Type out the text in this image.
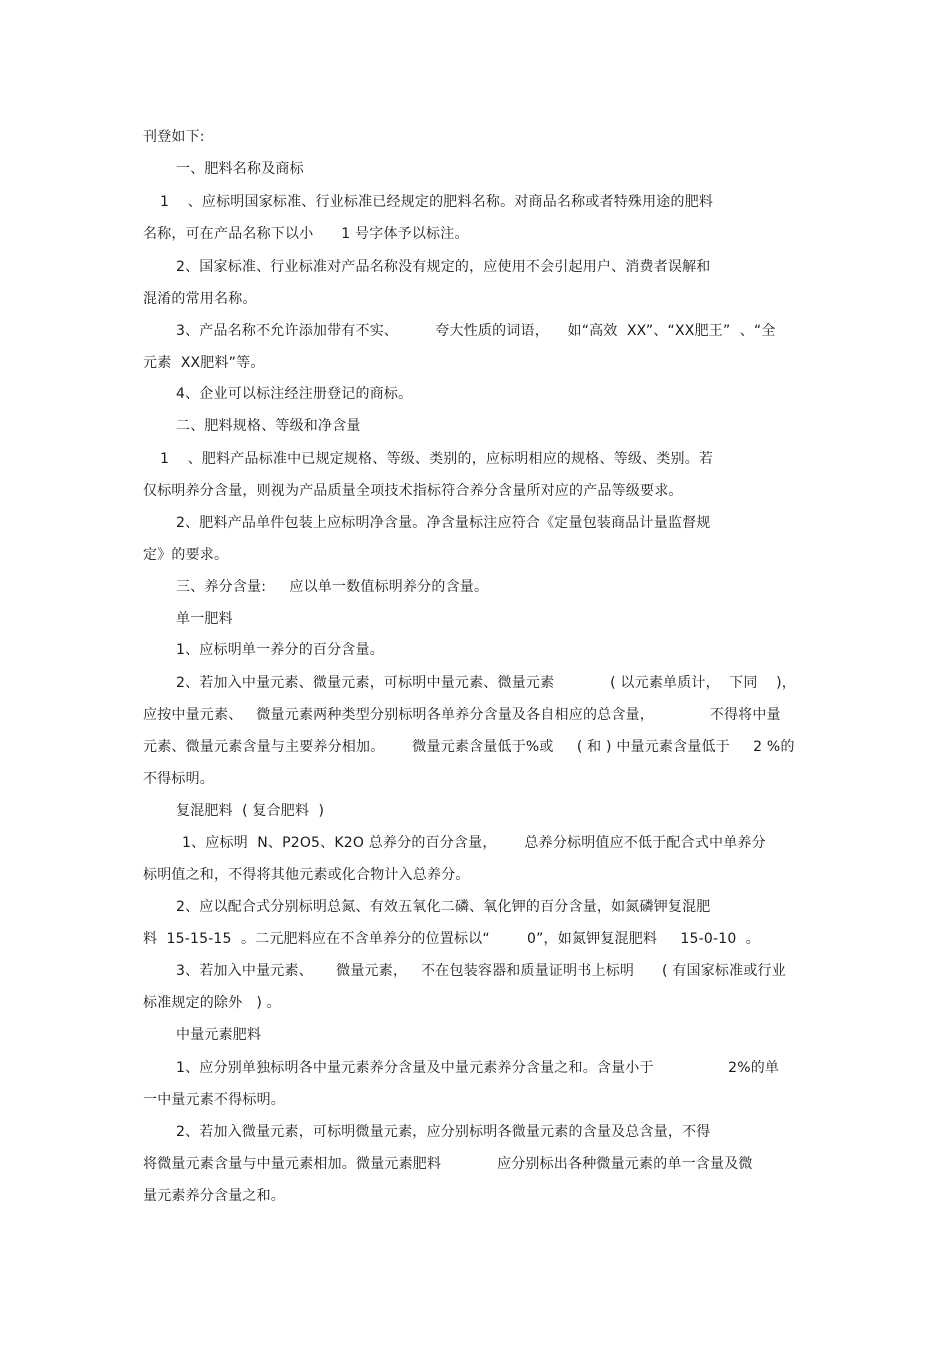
刊登如下:
一、肥料名称及商标
1    、应标明国家标准、行业标准已经规定的肥料名称。对商品名称或者特殊用途的肥料
名称，可在产品名称下以小      1 号字体予以标注。
2、国家标准、行业标准对产品名称没有规定的，应使用不会引起用户、消费者误解和
混淆的常用名称。
3、产品名称不允许添加带有不实、        夸大性质的词语，    如“高效  XX”、“XX肥王”  、“全
元素  XX肥料”等。
4、企业可以标注经注册登记的商标。
二、肥料规格、等级和净含量
1    、肥料产品标准中已规定规格、等级、类别的，应标明相应的规格、等级、类别。若
仅标明养分含量，则视为产品质量全项技术指标符合养分含量所对应的产品等级要求。
2、肥料产品单件包装上应标明净含量。净含量标注应符合《定量包装商品计量监督规
定》的要求。
三、养分含量:     应以单一数值标明养分的含量。
单一肥料
1、应标明单一养分的百分含量。
2、若加入中量元素、微量元素，可标明中量元素、微量元素            ( 以元素单质计，  下同    )，
应按中量元素、   微量元素两种类型分别标明各单养分含量及各自相应的总含量，            不得将中量
元素、微量元素含量与主要养分相加。      微量元素含量低于%或     ( 和 ) 中量元素含量低于     2 %的
不得标明。
复混肥料  ( 复合肥料  )
1、应标明  N、P2O5、K2O 总养分的百分含量，      总养分标明值应不低于配合式中单养分
标明值之和，不得将其他元素或化合物计入总养分。
2、应以配合式分别标明总氮、有效五氧化二磷、氧化钾的百分含量，如氮磷钾复混肥
料  15-15-15  。二元肥料应在不含单养分的位置标以“        0”，如氮钾复混肥料     15-0-10  。
3、若加入中量元素、     微量元素，   不在包装容器和质量证明书上标明      ( 有国家标准或行业
标准规定的除外   ) 。
中量元素肥料
1、应分别单独标明各中量元素养分含量及中量元素养分含量之和。含量小于                2%的单
一中量元素不得标明。
2、若加入微量元素，可标明微量元素，应分别标明各微量元素的含量及总含量，不得
将微量元素含量与中量元素相加。微量元素肥料            应分别标出各种微量元素的单一含量及微
量元素养分含量之和。
